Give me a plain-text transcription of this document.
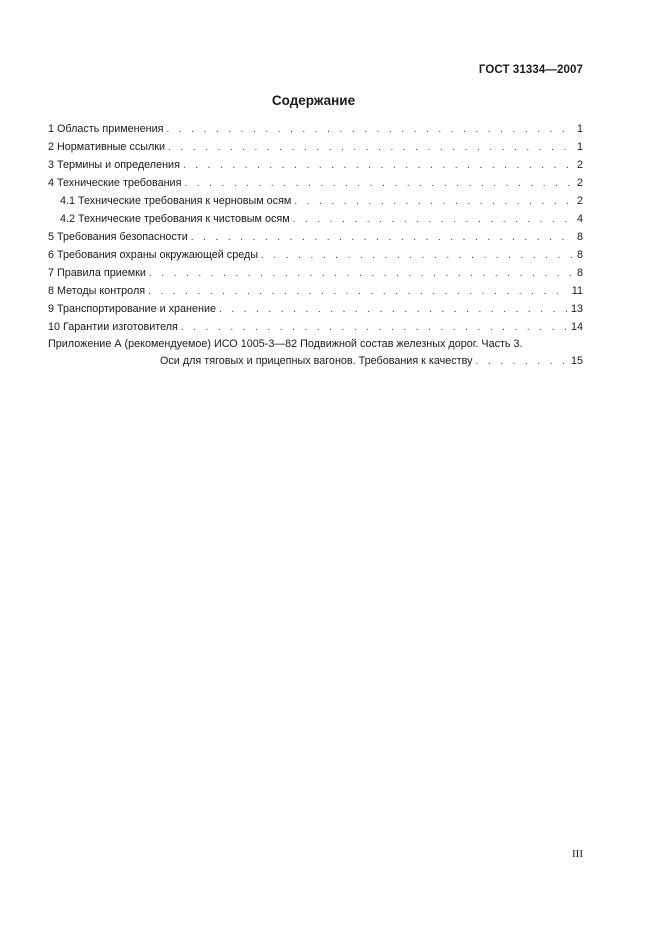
ГОСТ 31334—2007
Содержание
1 Область применения . . .	1
2 Нормативные ссылки . . .	1
3 Термины и определения . . .	2
4 Технические требования . . .	2
4.1 Технические требования к черновым осям . . .	2
4.2 Технические требования к чистовым осям . . .	4
5 Требования безопасности . . .	8
6 Требования охраны окружающей среды . . .	8
7 Правила приемки . . .	8
8 Методы контроля . . .	11
9 Транспортирование и хранение . . .	13
10 Гарантии изготовителя . . .	14
Приложение А (рекомендуемое) ИСО 1005-3—82 Подвижной состав железных дорог. Часть 3.
Оси для тяговых и прицепных вагонов. Требования к качеству . . .	15
III
